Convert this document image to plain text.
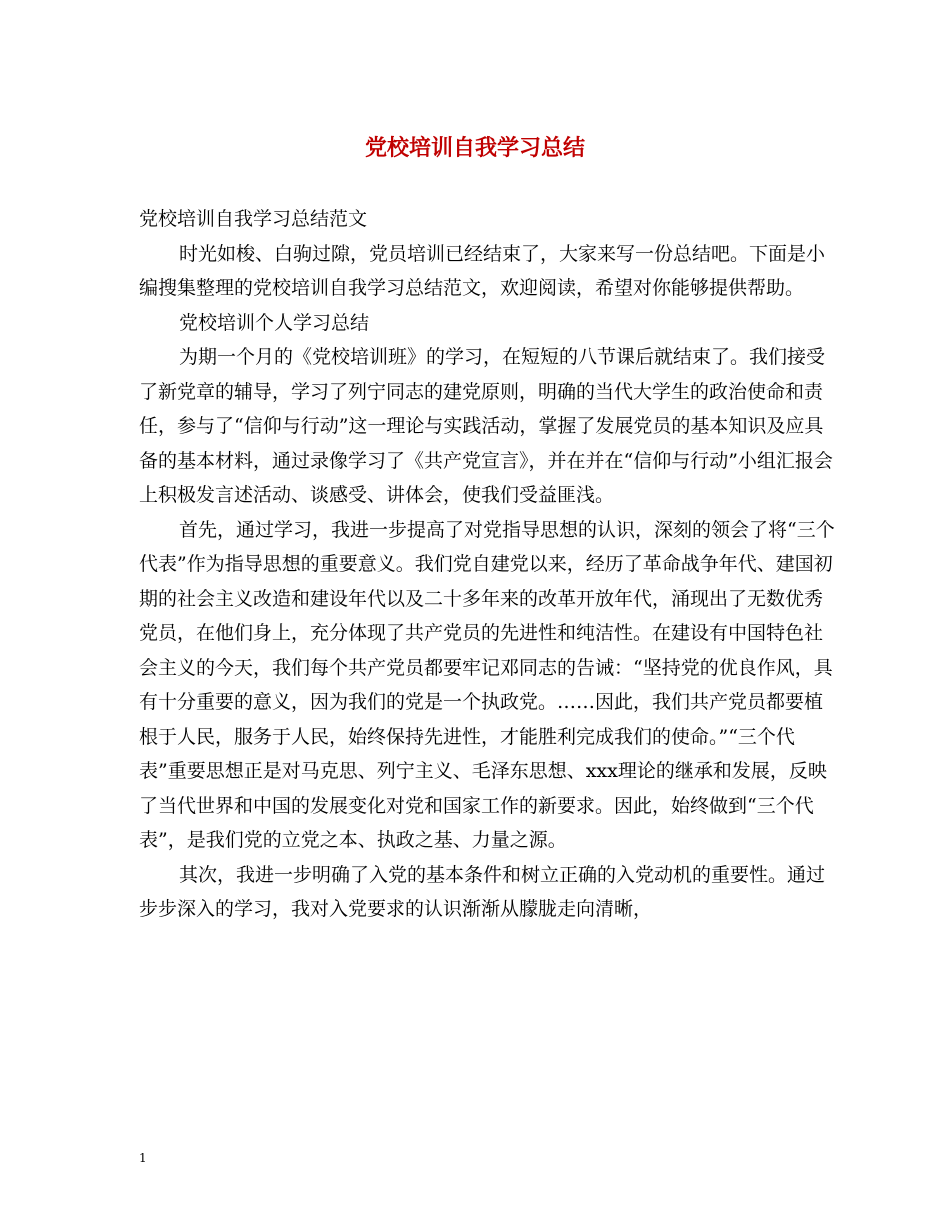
党校培训自我学习总结

党校培训自我学习总结范文

时光如梭、白驹过隙，党员培训已经结束了，大家来写一份总结吧。下面是小编搜集整理的党校培训自我学习总结范文，欢迎阅读，希望对你能够提供帮助。

党校培训个人学习总结

为期一个月的《党校培训班》的学习，在短短的八节课后就结束了。我们接受了新党章的辅导，学习了列宁同志的建党原则，明确的当代大学生的政治使命和责任，参与了“信仰与行动”这一理论与实践活动，掌握了发展党员的基本知识及应具备的基本材料，通过录像学习了《共产党宣言》，并在并在“信仰与行动”小组汇报会上积极发言述活动、谈感受、讲体会，使我们受益匪浅。

首先，通过学习，我进一步提高了对党指导思想的认识，深刻的领会了将“三个代表”作为指导思想的重要意义。我们党自建党以来，经历了革命战争年代、建国初期的社会主义改造和建设年代以及二十多年来的改革开放年代，涌现出了无数优秀党员，在他们身上，充分体现了共产党员的先进性和纯洁性。在建设有中国特色社会主义的今天，我们每个共产党员都要牢记邓同志的告诫：“坚持党的优良作风，具有十分重要的意义，因为我们的党是一个执政党。……因此，我们共产党员都要植根于人民，服务于人民，始终保持先进性，才能胜利完成我们的使命。”“三个代表”重要思想正是对马克思、列宁主义、毛泽东思想、xxx理论的继承和发展，反映了当代世界和中国的发展变化对党和国家工作的新要求。因此，始终做到“三个代表”，是我们党的立党之本、执政之基、力量之源。

其次，我进一步明确了入党的基本条件和树立正确的入党动机的重要性。通过步步深入的学习，我对入党要求的认识渐渐从朦胧走向清晰，

1
